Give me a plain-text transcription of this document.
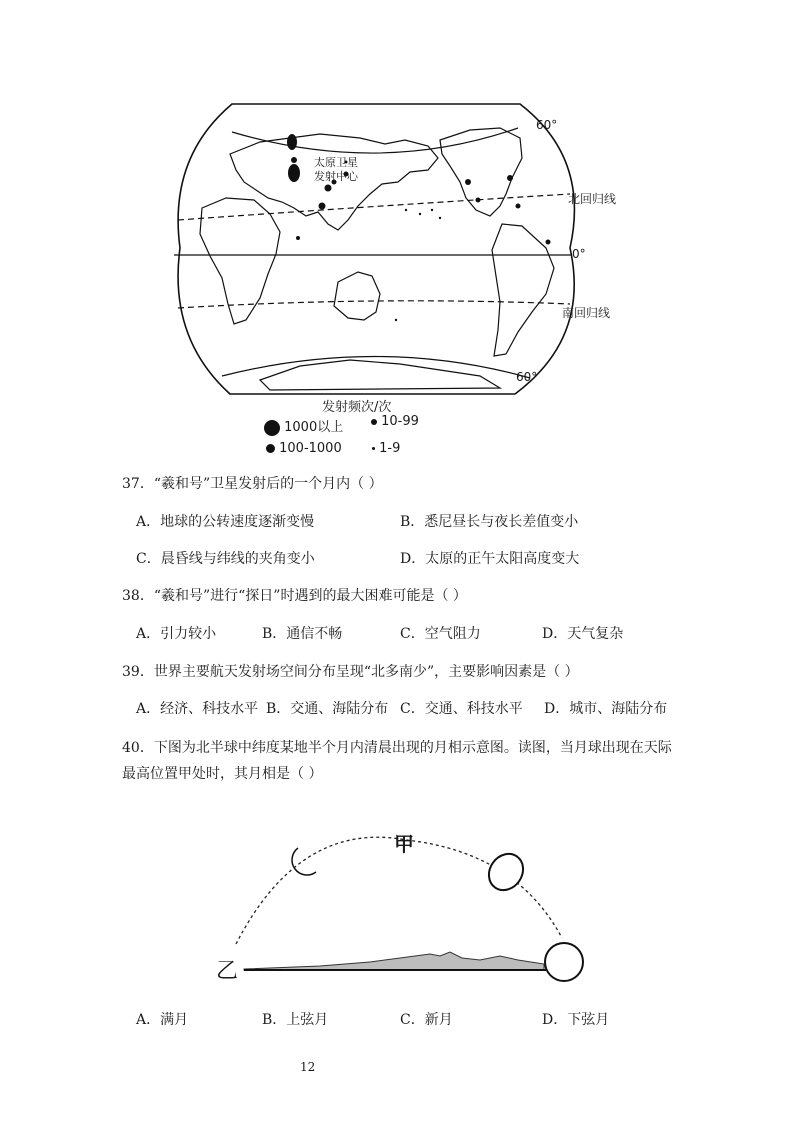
60°
北回归线
0°
南回归线
60°
太原卫星发射中心
发射频次/次
1000以上	10-99
100-1000	1-9
37．“羲和号”卫星发射后的一个月内（ ）
A．地球的公转速度逐渐变慢	B．悉尼昼长与夜长差值变小
C．晨昏线与纬线的夹角变小	D．太原的正午太阳高度变大
38．“羲和号”进行“探日”时遇到的最大困难可能是（ ）
A．引力较小	B．通信不畅	C．空气阻力	D．天气复杂
39．世界主要航天发射场空间分布呈现“北多南少”，主要影响因素是（ ）
A．经济、科技水平 B．交通、海陆分布 C．交通、科技水平 D．城市、海陆分布
40．下图为北半球中纬度某地半个月内清晨出现的月相示意图。读图，当月球出现在天际
最高位置甲处时，其月相是（ ）
甲
乙
A．满月	B．上弦月	C．新月	D．下弦月
12
